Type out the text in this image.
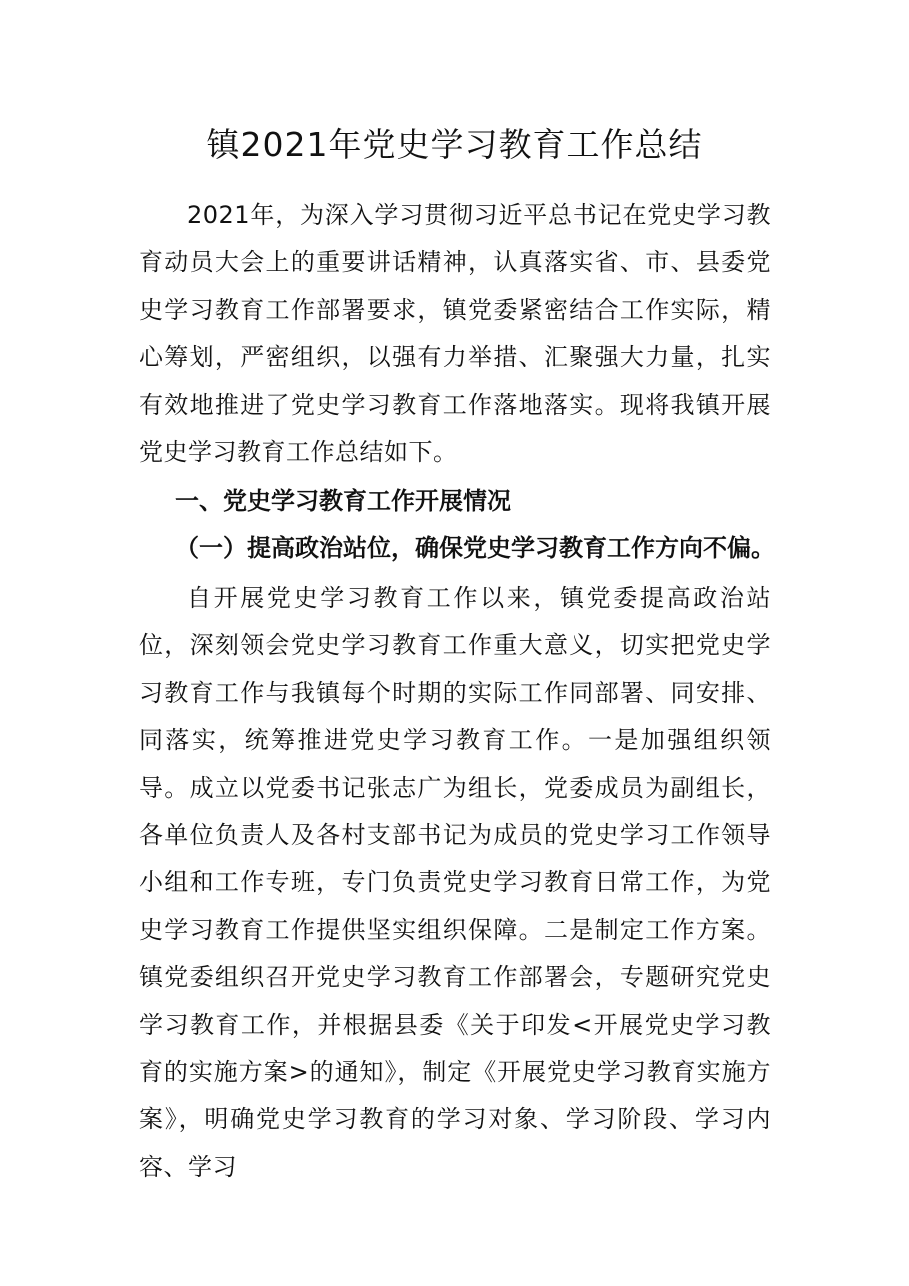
镇2021年党史学习教育工作总结

2021年，为深入学习贯彻习近平总书记在党史学习教育动员大会上的重要讲话精神，认真落实省、市、县委党史学习教育工作部署要求，镇党委紧密结合工作实际，精心筹划，严密组织，以强有力举措、汇聚强大力量，扎实有效地推进了党史学习教育工作落地落实。现将我镇开展党史学习教育工作总结如下。

一、党史学习教育工作开展情况
（一）提高政治站位，确保党史学习教育工作方向不偏。

自开展党史学习教育工作以来，镇党委提高政治站位，深刻领会党史学习教育工作重大意义，切实把党史学习教育工作与我镇每个时期的实际工作同部署、同安排、同落实，统筹推进党史学习教育工作。一是加强组织领导。成立以党委书记张志广为组长，党委成员为副组长，各单位负责人及各村支部书记为成员的党史学习工作领导小组和工作专班，专门负责党史学习教育日常工作，为党史学习教育工作提供坚实组织保障。二是制定工作方案。镇党委组织召开党史学习教育工作部署会，专题研究党史学习教育工作，并根据县委《关于印发<开展党史学习教育的实施方案>的通知》，制定《开展党史学习教育实施方案》，明确党史学习教育的学习对象、学习阶段、学习内容、学习
